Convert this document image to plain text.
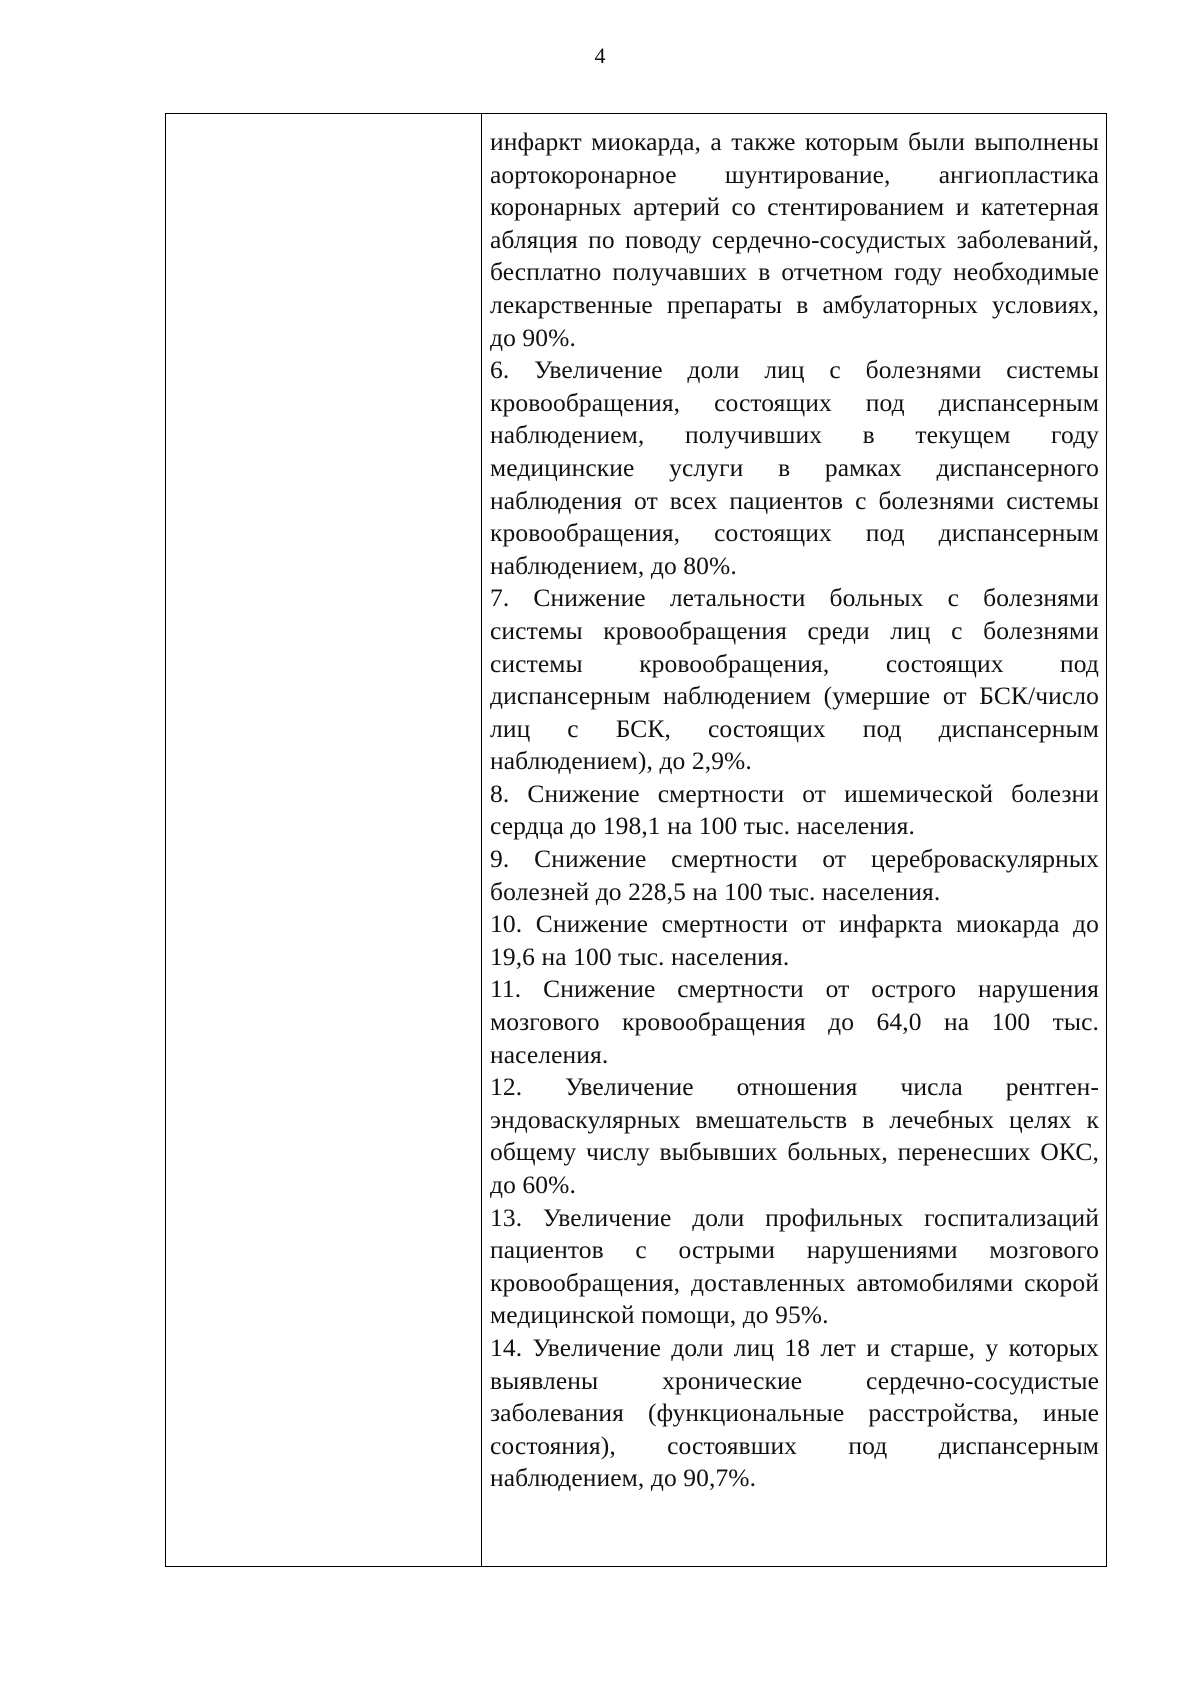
4

инфаркт миокарда, а также которым были выполнены аортокоронарное шунтирование, ангиопластика коронарных артерий со стентированием и катетерная абляция по поводу сердечно-сосудистых заболеваний, бесплатно получавших в отчетном году необходимые лекарственные препараты в амбулаторных условиях, до 90%.

6. Увеличение доли лиц с болезнями системы кровообращения, состоящих под диспансерным наблюдением, получивших в текущем году медицинские услуги в рамках диспансерного наблюдения от всех пациентов с болезнями системы кровообращения, состоящих под диспансерным наблюдением, до 80%.

7. Снижение летальности больных с болезнями системы кровообращения среди лиц с болезнями системы кровообращения, состоящих под диспансерным наблюдением (умершие от БСК/число лиц с БСК, состоящих под диспансерным наблюдением), до 2,9%.

8. Снижение смертности от ишемической болезни сердца до 198,1 на 100 тыс. населения.

9. Снижение смертности от цереброваскулярных болезней до 228,5 на 100 тыс. населения.

10. Снижение смертности от инфаркта миокарда до 19,6 на 100 тыс. населения.

11. Снижение смертности от острого нарушения мозгового кровообращения до 64,0 на 100 тыс. населения.

12. Увеличение отношения числа рентген-эндоваскулярных вмешательств в лечебных целях к общему числу выбывших больных, перенесших ОКС, до 60%.

13. Увеличение доли профильных госпитализаций пациентов с острыми нарушениями мозгового кровообращения, доставленных автомобилями скорой медицинской помощи, до 95%.

14. Увеличение доли лиц 18 лет и старше, у которых выявлены хронические сердечно-сосудистые заболевания (функциональные расстройства, иные состояния), состоявших под диспансерным наблюдением, до 90,7%.
